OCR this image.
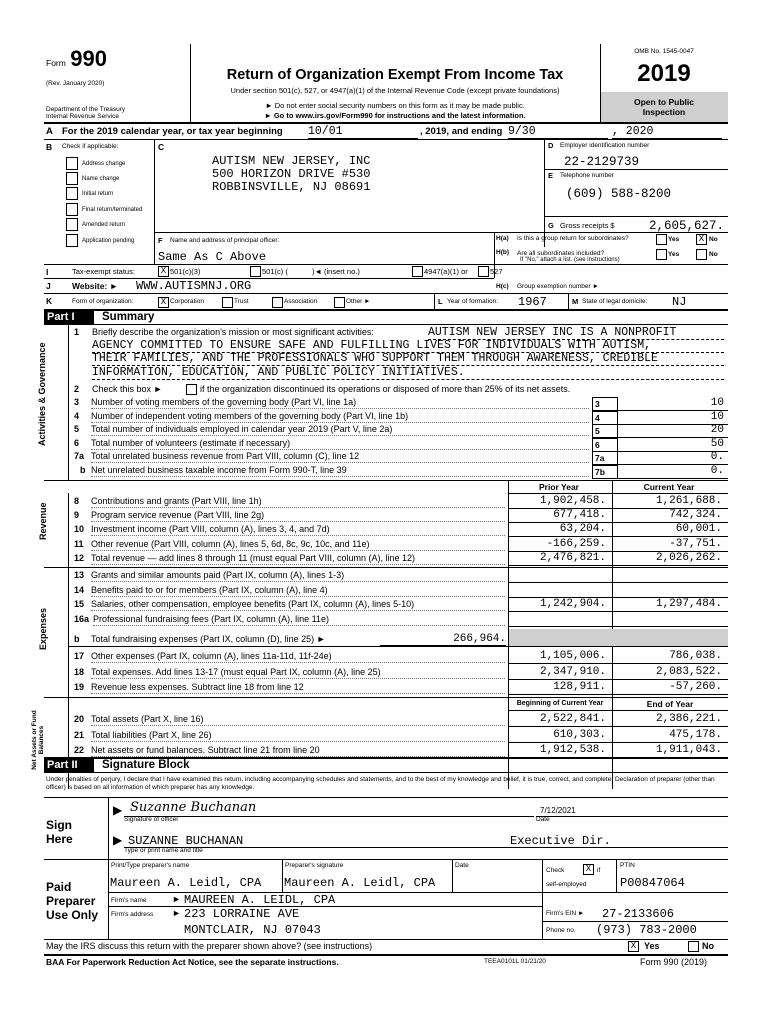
Form 990
(Rev. January 2020)
Department of the Treasury
Internal Revenue Service
Return of Organization Exempt From Income Tax
Under section 501(c), 527, or 4947(a)(1) of the Internal Revenue Code (except private foundations)
► Do not enter social security numbers on this form as it may be made public.
► Go to www.irs.gov/Form990 for instructions and the latest information.
OMB No. 1545-0047
2019
Open to Public
Inspection
A For the 2019 calendar year, or tax year beginning 10/01	, 2019, and ending 9/30	, 2020
B Check if applicable:
Address change
Name change
Initial return
Final return/terminated
Amended return
Application pending
C
AUTISM NEW JERSEY, INC
500 HORIZON DRIVE #530
ROBBINSVILLE, NJ 08691
D Employer identification number
22-2129739
E Telephone number
(609) 588-8200
G Gross receipts $	2,605,627.
F Name and address of principal officer:
Same As C Above
H(a) Is this a group return for subordinates?	Yes	X No
H(b) Are all subordinates included?
If "No," attach a list. (see instructions)
Yes	No
I	Tax-exempt status:	X 501(c)(3)	501(c) (	)◄ (insert no.)	4947(a)(1) or	527
J	Website: ► WWW.AUTISMNJ.ORG	H(c) Group exemption number ►
K	Form of organization:	X Corporation	Trust	Association	Other ►	L Year of formation: 1967	M State of legal domicile: NJ
Part I Summary
Activities & Governance
1 Briefly describe the organization's mission or most significant activities:	AUTISM NEW JERSEY INC IS A NONPROFIT
AGENCY COMMITTED TO ENSURE SAFE AND FULFILLING LIVES FOR INDIVIDUALS WITH AUTISM,
THEIR FAMILIES, AND THE PROFESSIONALS WHO SUPPORT THEM THROUGH AWARENESS, CREDIBLE
INFORMATION, EDUCATION, AND PUBLIC POLICY INITIATIVES.
2 Check this box ►	if the organization discontinued its operations or disposed of more than 25% of its net assets.
3 Number of voting members of the governing body (Part VI, line 1a)	3	10
4 Number of independent voting members of the governing body (Part VI, line 1b)	4	10
5 Total number of individuals employed in calendar year 2019 (Part V, line 2a)	5	20
6 Total number of volunteers (estimate if necessary)	6	50
7a Total unrelated business revenue from Part VIII, column (C), line 12	7a	0.
b Net unrelated business taxable income from Form 990-T, line 39	7b	0.
Prior Year	Current Year
Revenue
8 Contributions and grants (Part VIII, line 1h)	1,902,458.	1,261,688.
9 Program service revenue (Part VIII, line 2g)	677,418.	742,324.
10 Investment income (Part VIII, column (A), lines 3, 4, and 7d)	63,204.	60,001.
11 Other revenue (Part VIII, column (A), lines 5, 6d, 8c, 9c, 10c, and 11e)	-166,259.	-37,751.
12 Total revenue — add lines 8 through 11 (must equal Part VIII, column (A), line 12)	2,476,821.	2,026,262.
Expenses
13 Grants and similar amounts paid (Part IX, column (A), lines 1-3)
14 Benefits paid to or for members (Part IX, column (A), line 4)
15 Salaries, other compensation, employee benefits (Part IX, column (A), lines 5-10)	1,242,904.	1,297,484.
16a Professional fundraising fees (Part IX, column (A), line 11e)
b Total fundraising expenses (Part IX, column (D), line 25) ►	266,964.
17 Other expenses (Part IX, column (A), lines 11a-11d, 11f-24e)	1,105,006.	786,038.
18 Total expenses. Add lines 13-17 (must equal Part IX, column (A), line 25)	2,347,910.	2,083,522.
19 Revenue less expenses. Subtract line 18 from line 12	128,911.	-57,260.
Beginning of Current Year	End of Year
Net Assets or Fund Balances
20 Total assets (Part X, line 16)	2,522,841.	2,386,221.
21 Total liabilities (Part X, line 26)	610,303.	475,178.
22 Net assets or fund balances. Subtract line 21 from line 20	1,912,538.	1,911,043.
Part II Signature Block
Under penalties of perjury, I declare that I have examined this return, including accompanying schedules and statements, and to the best of my knowledge and belief, it is true, correct, and complete. Declaration of preparer (other than officer) is based on all information of which preparer has any knowledge.
Sign
Here
▶ Suzanne Buchanan
Signature of officer
7/12/2021
Date
▶ SUZANNE BUCHANAN	Executive Dir.
Type or print name and title
Paid
Preparer
Use Only
Print/Type preparer's name	Preparer's signature	Date
Check	X if
self-employed
PTIN
Maureen A. Leidl, CPA Maureen A. Leidl, CPA	P00847064
Firm's name	► MAUREEN A. LEIDL, CPA
Firm's address ► 223 LORRAINE AVE
MONTCLAIR, NJ 07043
Firm's EIN ► 27-2133606
Phone no. (973) 783-2000
May the IRS discuss this return with the preparer shown above? (see instructions)	X Yes	No
BAA For Paperwork Reduction Act Notice, see the separate instructions.	TEEA0101L 01/21/20	Form 990 (2019)
